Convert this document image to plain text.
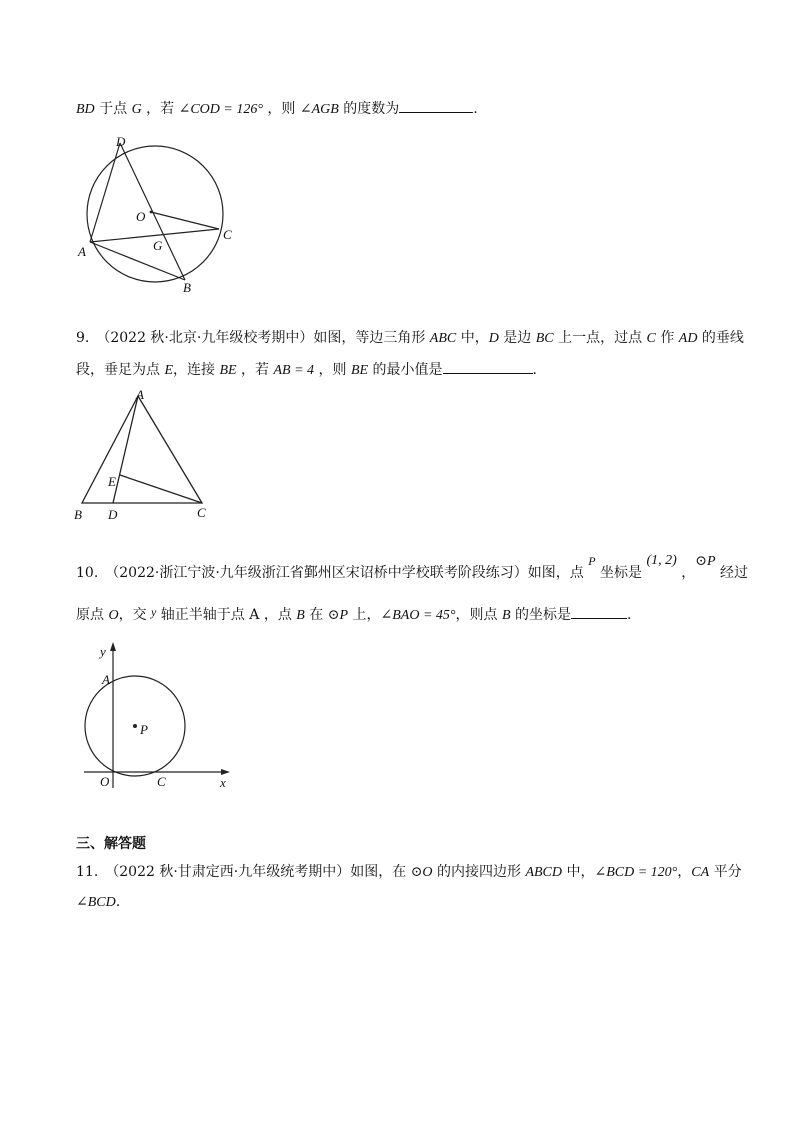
BD 于点 G ，若 ∠COD = 126° ，则 ∠AGB 的度数为	.
D
O
C
A	G
B
9.　（2022 秋·北京·九年级校考期中）如图，等边三角形 ABC 中，D 是边 BC 上一点，过点 C 作 AD 的垂线
段，垂足为点 E，连接 BE ，若 AB = 4 ，则 BE 的最小值是	.
A
E
B D	C
10.　（2022·浙江宁波·九年级浙江省鄞州区宋诏桥中学校联考阶段练习）如图，点 P 坐标是 (1, 2) ，⊙P 经过
原点 O，交 y 轴正半轴于点 A ，点 B 在 ⊙P 上，∠BAO = 45°，则点 B 的坐标是	.
y
A
P
O	C	x
三、解答题
11.　（2022 秋·甘肃定西·九年级统考期中）如图，在 ⊙O 的内接四边形 ABCD 中，∠BCD = 120°，CA 平分
∠BCD.
